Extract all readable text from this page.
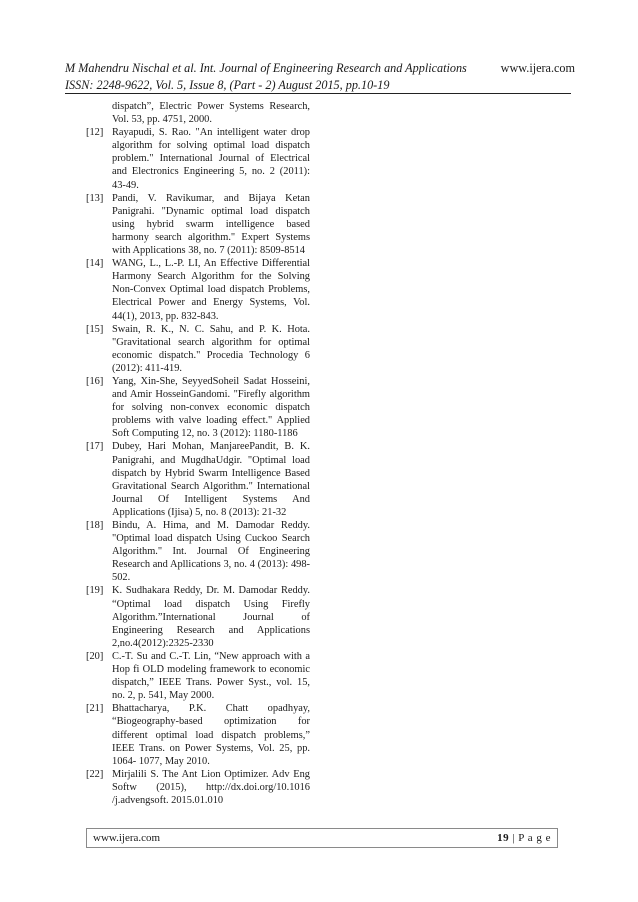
M Mahendru Nischal et al. Int. Journal of Engineering Research and Applications
ISSN: 2248-9622, Vol. 5, Issue 8, (Part - 2) August 2015, pp.10-19
www.ijera.com
dispatch”, Electric Power Systems Research, Vol. 53, pp. 4751, 2000.
[12] Rayapudi, S. Rao. "An intelligent water drop algorithm for solving optimal load dispatch problem." International Journal of Electrical and Electronics Engineering 5, no. 2 (2011): 43-49.
[13] Pandi, V. Ravikumar, and Bijaya Ketan Panigrahi. "Dynamic optimal load dispatch using hybrid swarm intelligence based harmony search algorithm." Expert Systems with Applications 38, no. 7 (2011): 8509-8514
[14] WANG, L., L.-P. LI, An Effective Differential Harmony Search Algorithm for the Solving Non-Convex Optimal load dispatch Problems, Electrical Power and Energy Systems, Vol. 44(1), 2013, pp. 832-843.
[15] Swain, R. K., N. C. Sahu, and P. K. Hota. "Gravitational search algorithm for optimal economic dispatch." Procedia Technology 6 (2012): 411-419.
[16] Yang, Xin-She, SeyyedSoheil Sadat Hosseini, and Amir HosseinGandomi. "Firefly algorithm for solving non-convex economic dispatch problems with valve loading effect." Applied Soft Computing 12, no. 3 (2012): 1180-1186
[17] Dubey, Hari Mohan, ManjareePandit, B. K. Panigrahi, and MugdhaUdgir. "Optimal load dispatch by Hybrid Swarm Intelligence Based Gravitational Search Algorithm." International Journal Of Intelligent Systems And Applications (Ijisa) 5, no. 8 (2013): 21-32
[18] Bindu, A. Hima, and M. Damodar Reddy. "Optimal load dispatch Using Cuckoo Search Algorithm." Int. Journal Of Engineering Research and Apllications 3, no. 4 (2013): 498-502.
[19] K. Sudhakara Reddy, Dr. M. Damodar Reddy. “Optimal load dispatch Using Firefly Algorithm.”International Journal of Engineering Research and Applications 2,no.4(2012):2325-2330
[20] C.-T. Su and C.-T. Lin, “New approach with a Hop fi OLD modeling framework to economic dispatch,” IEEE Trans. Power Syst., vol. 15, no. 2, p. 541, May 2000.
[21] Bhattacharya, P.K. Chatt opadhyay, “Biogeography-based optimization for different optimal load dispatch problems,” IEEE Trans. on Power Systems, Vol. 25, pp. 1064- 1077, May 2010.
[22] Mirjalili S. The Ant Lion Optimizer. Adv Eng Softw (2015), http://dx.doi.org/10.1016 /j.advengsoft. 2015.01.010
www.ijera.com	19 | P a g e
